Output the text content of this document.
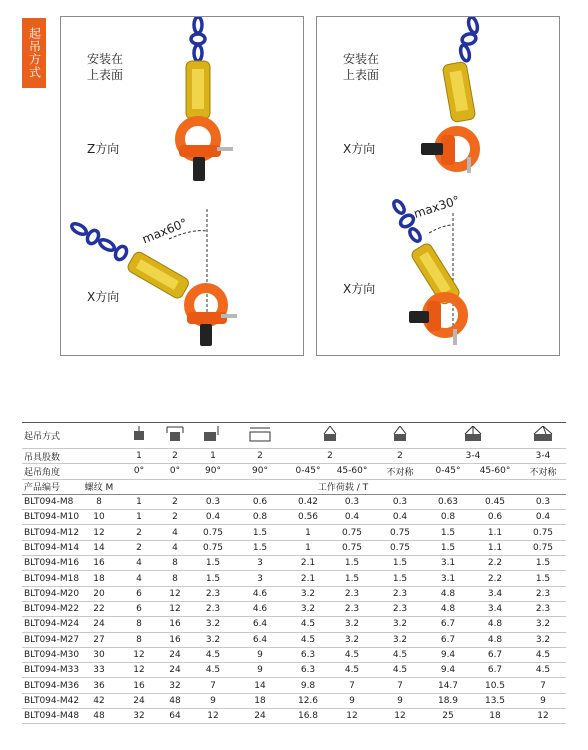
起吊方式	安装在
上表面
Z方向
X方向
max60°
安装在
上表面
X方向
X方向
max30°
起吊方式								
吊具股数		1	2	1	2	2		2	3-4		3-4
起吊角度		0°	0°	90°	90°	0-45°	45-60°	不对称	0-45°	45-60°	不对称
产品编号	螺纹 M	工作荷载 / T									
BLT094-M8	8	1	2	0.3	0.6	0.42	0.3	0.3	0.63	0.45	0.3
BLT094-M10	10	1	2	0.4	0.8	0.56	0.4	0.4	0.8	0.6	0.4
BLT094-M12	12	2	4	0.75	1.5	1	0.75	0.75	1.5	1.1	0.75
BLT094-M14	14	2	4	0.75	1.5	1	0.75	0.75	1.5	1.1	0.75
BLT094-M16	16	4	8	1.5	3	2.1	1.5	1.5	3.1	2.2	1.5
BLT094-M18	18	4	8	1.5	3	2.1	1.5	1.5	3.1	2.2	1.5
BLT094-M20	20	6	12	2.3	4.6	3.2	2.3	2.3	4.8	3.4	2.3
BLT094-M22	22	6	12	2.3	4.6	3.2	2.3	2.3	4.8	3.4	2.3
BLT094-M24	24	8	16	3.2	6.4	4.5	3.2	3.2	6.7	4.8	3.2
BLT094-M27	27	8	16	3.2	6.4	4.5	3.2	3.2	6.7	4.8	3.2
BLT094-M30	30	12	24	4.5	9	6.3	4.5	4.5	9.4	6.7	4.5
BLT094-M33	33	12	24	4.5	9	6.3	4.5	4.5	9.4	6.7	4.5
BLT094-M36	36	16	32	7	14	9.8	7	7	14.7	10.5	7
BLT094-M42	42	24	48	9	18	12.6	9	9	18.9	13.5	9
BLT094-M48	48	32	64	12	24	16.8	12	12	25	18	12
